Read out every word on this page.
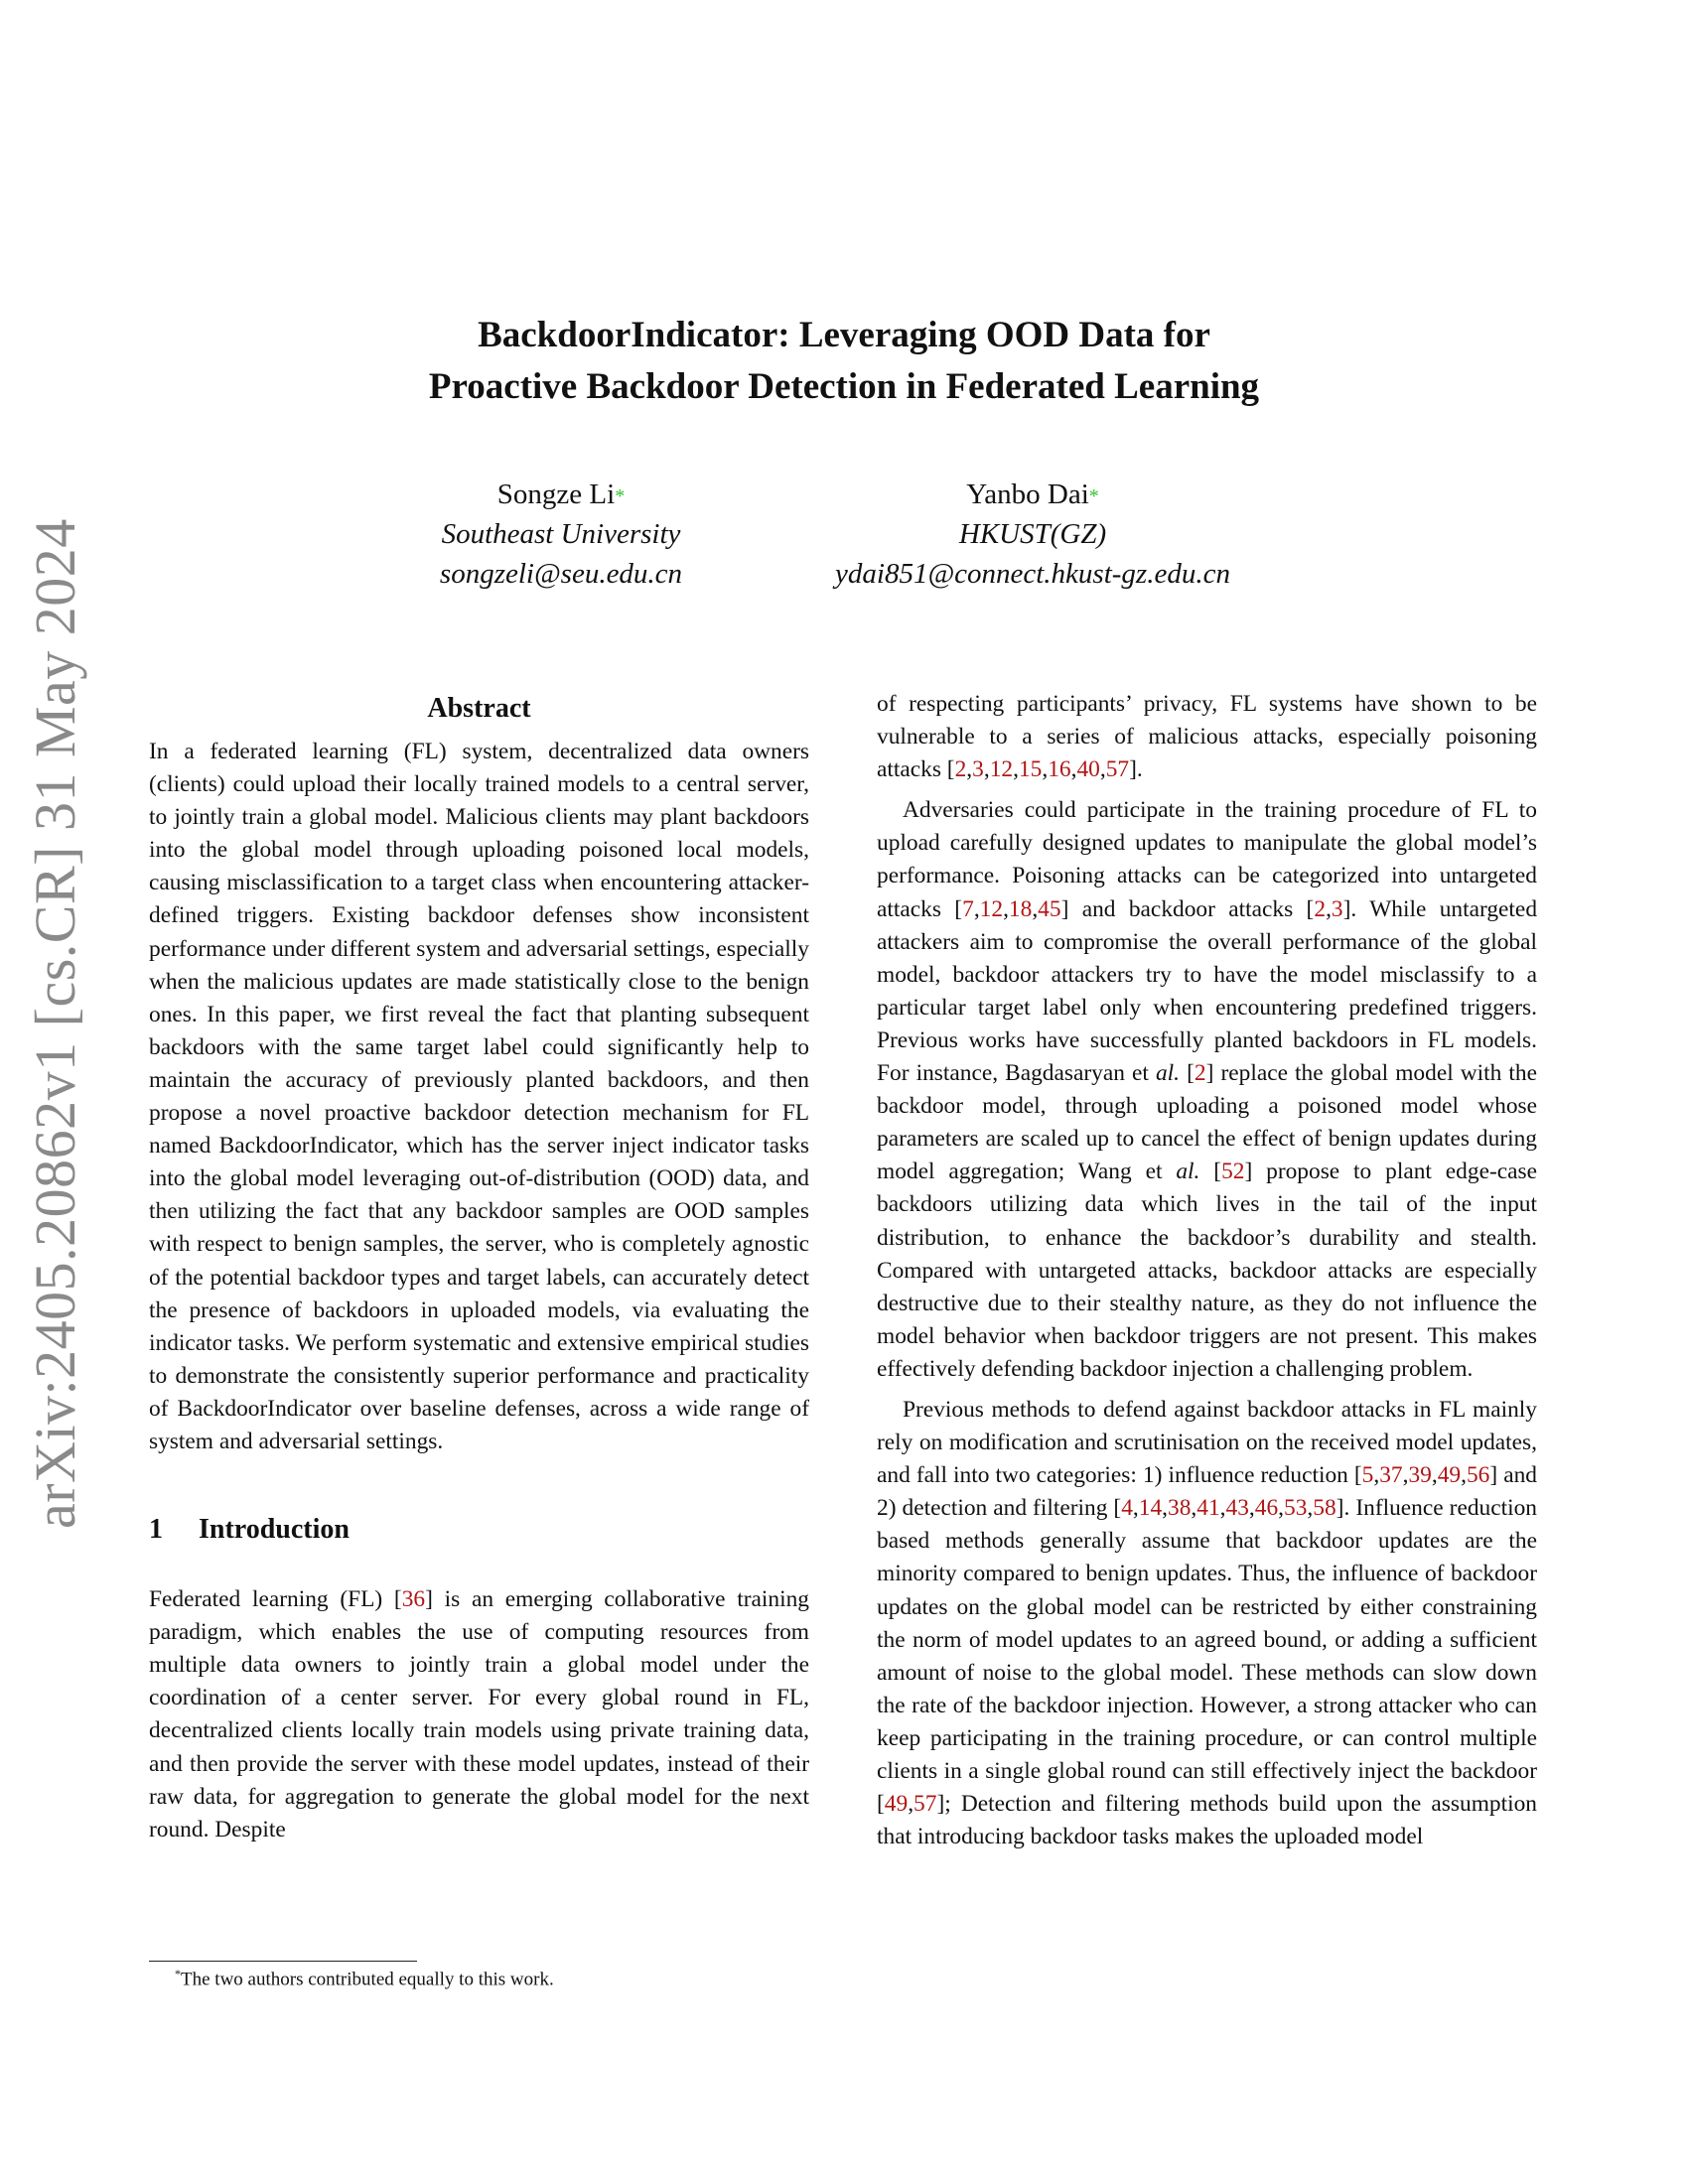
arXiv:2405.20862v1 [cs.CR] 31 May 2024
BackdoorIndicator: Leveraging OOD Data for
Proactive Backdoor Detection in Federated Learning
Songze Li*
Southeast University
songzeli@seu.edu.cn
Yanbo Dai*
HKUST(GZ)
ydai851@connect.hkust-gz.edu.cn
Abstract

In a federated learning (FL) system, decentralized data owners (clients) could upload their locally trained models to a central server, to jointly train a global model. Malicious clients may plant backdoors into the global model through uploading poisoned local models, causing misclassification to a target class when encountering attacker-defined triggers. Existing backdoor defenses show inconsistent performance under different system and adversarial settings, especially when the malicious updates are made statistically close to the benign ones. In this paper, we first reveal the fact that planting subsequent backdoors with the same target label could significantly help to maintain the accuracy of previously planted backdoors, and then propose a novel proactive backdoor detection mechanism for FL named BackdoorIndicator, which has the server inject indicator tasks into the global model leveraging out-of-distribution (OOD) data, and then utilizing the fact that any backdoor samples are OOD samples with respect to benign samples, the server, who is completely agnostic of the potential backdoor types and target labels, can accurately detect the presence of backdoors in uploaded models, via evaluating the indicator tasks. We perform systematic and extensive empirical studies to demonstrate the consistently superior performance and practicality of BackdoorIndicator over baseline defenses, across a wide range of system and adversarial settings.

1 Introduction

Federated learning (FL) [36] is an emerging collaborative training paradigm, which enables the use of computing resources from multiple data owners to jointly train a global model under the coordination of a center server. For every global round in FL, decentralized clients locally train models using private training data, and then provide the server with these model updates, instead of their raw data, for aggregation to generate the global model for the next round. Despite

of respecting participants’ privacy, FL systems have shown to be vulnerable to a series of malicious attacks, especially poisoning attacks [2,3,12,15,16,40,57].

Adversaries could participate in the training procedure of FL to upload carefully designed updates to manipulate the global model’s performance. Poisoning attacks can be categorized into untargeted attacks [7,12,18,45] and backdoor attacks [2,3]. While untargeted attackers aim to compromise the overall performance of the global model, backdoor attackers try to have the model misclassify to a particular target label only when encountering predefined triggers. Previous works have successfully planted backdoors in FL models. For instance, Bagdasaryan et al. [2] replace the global model with the backdoor model, through uploading a poisoned model whose parameters are scaled up to cancel the effect of benign updates during model aggregation; Wang et al. [52] propose to plant edge-case backdoors utilizing data which lives in the tail of the input distribution, to enhance the backdoor’s durability and stealth. Compared with untargeted attacks, backdoor attacks are especially destructive due to their stealthy nature, as they do not influence the model behavior when backdoor triggers are not present. This makes effectively defending backdoor injection a challenging problem.

Previous methods to defend against backdoor attacks in FL mainly rely on modification and scrutinisation on the received model updates, and fall into two categories: 1) influence reduction [5,37,39,49,56] and 2) detection and filtering [4,14,38,41,43,46,53,58]. Influence reduction based methods generally assume that backdoor updates are the minority compared to benign updates. Thus, the influence of backdoor updates on the global model can be restricted by either constraining the norm of model updates to an agreed bound, or adding a sufficient amount of noise to the global model. These methods can slow down the rate of the backdoor injection. However, a strong attacker who can keep participating in the training procedure, or can control multiple clients in a single global round can still effectively inject the backdoor [49,57]; Detection and filtering methods build upon the assumption that introducing backdoor tasks makes the uploaded model

*The two authors contributed equally to this work.
